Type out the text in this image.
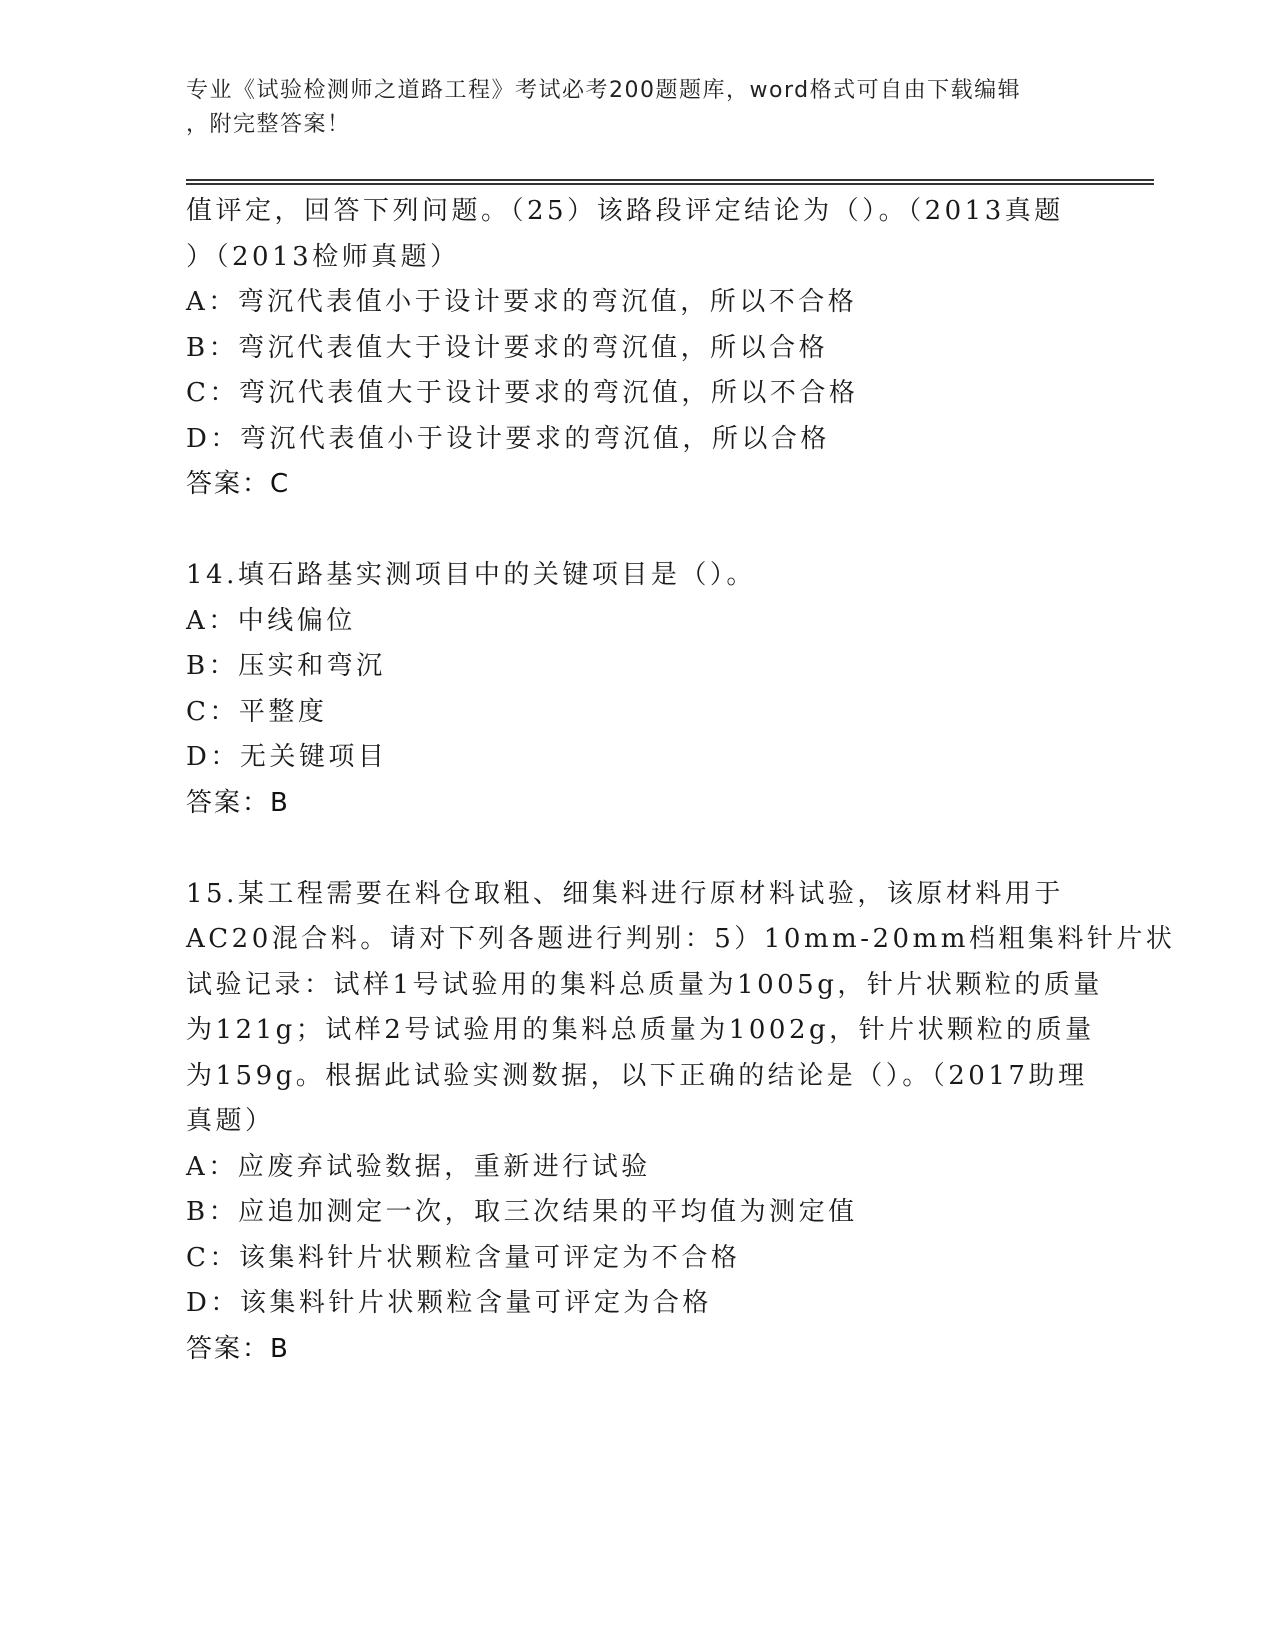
专业《试验检测师之道路工程》考试必考200题题库，word格式可自由下载编辑
，附完整答案！
值评定，回答下列问题。（25）该路段评定结论为（）。（2013真题
）（2013检师真题）
A：弯沉代表值小于设计要求的弯沉值，所以不合格
B：弯沉代表值大于设计要求的弯沉值，所以合格
C：弯沉代表值大于设计要求的弯沉值，所以不合格
D：弯沉代表值小于设计要求的弯沉值，所以合格
答案：C
14.填石路基实测项目中的关键项目是（）。
A：中线偏位
B：压实和弯沉
C：平整度
D：无关键项目
答案：B
15.某工程需要在料仓取粗、细集料进行原材料试验，该原材料用于
AC20混合料。请对下列各题进行判别：5）10mm-20mm档粗集料针片状
试验记录：试样1号试验用的集料总质量为1005g，针片状颗粒的质量
为121g；试样2号试验用的集料总质量为1002g，针片状颗粒的质量
为159g。根据此试验实测数据，以下正确的结论是（）。（2017助理
真题）
A：应废弃试验数据，重新进行试验
B：应追加测定一次，取三次结果的平均值为测定值
C：该集料针片状颗粒含量可评定为不合格
D：该集料针片状颗粒含量可评定为合格
答案：B
